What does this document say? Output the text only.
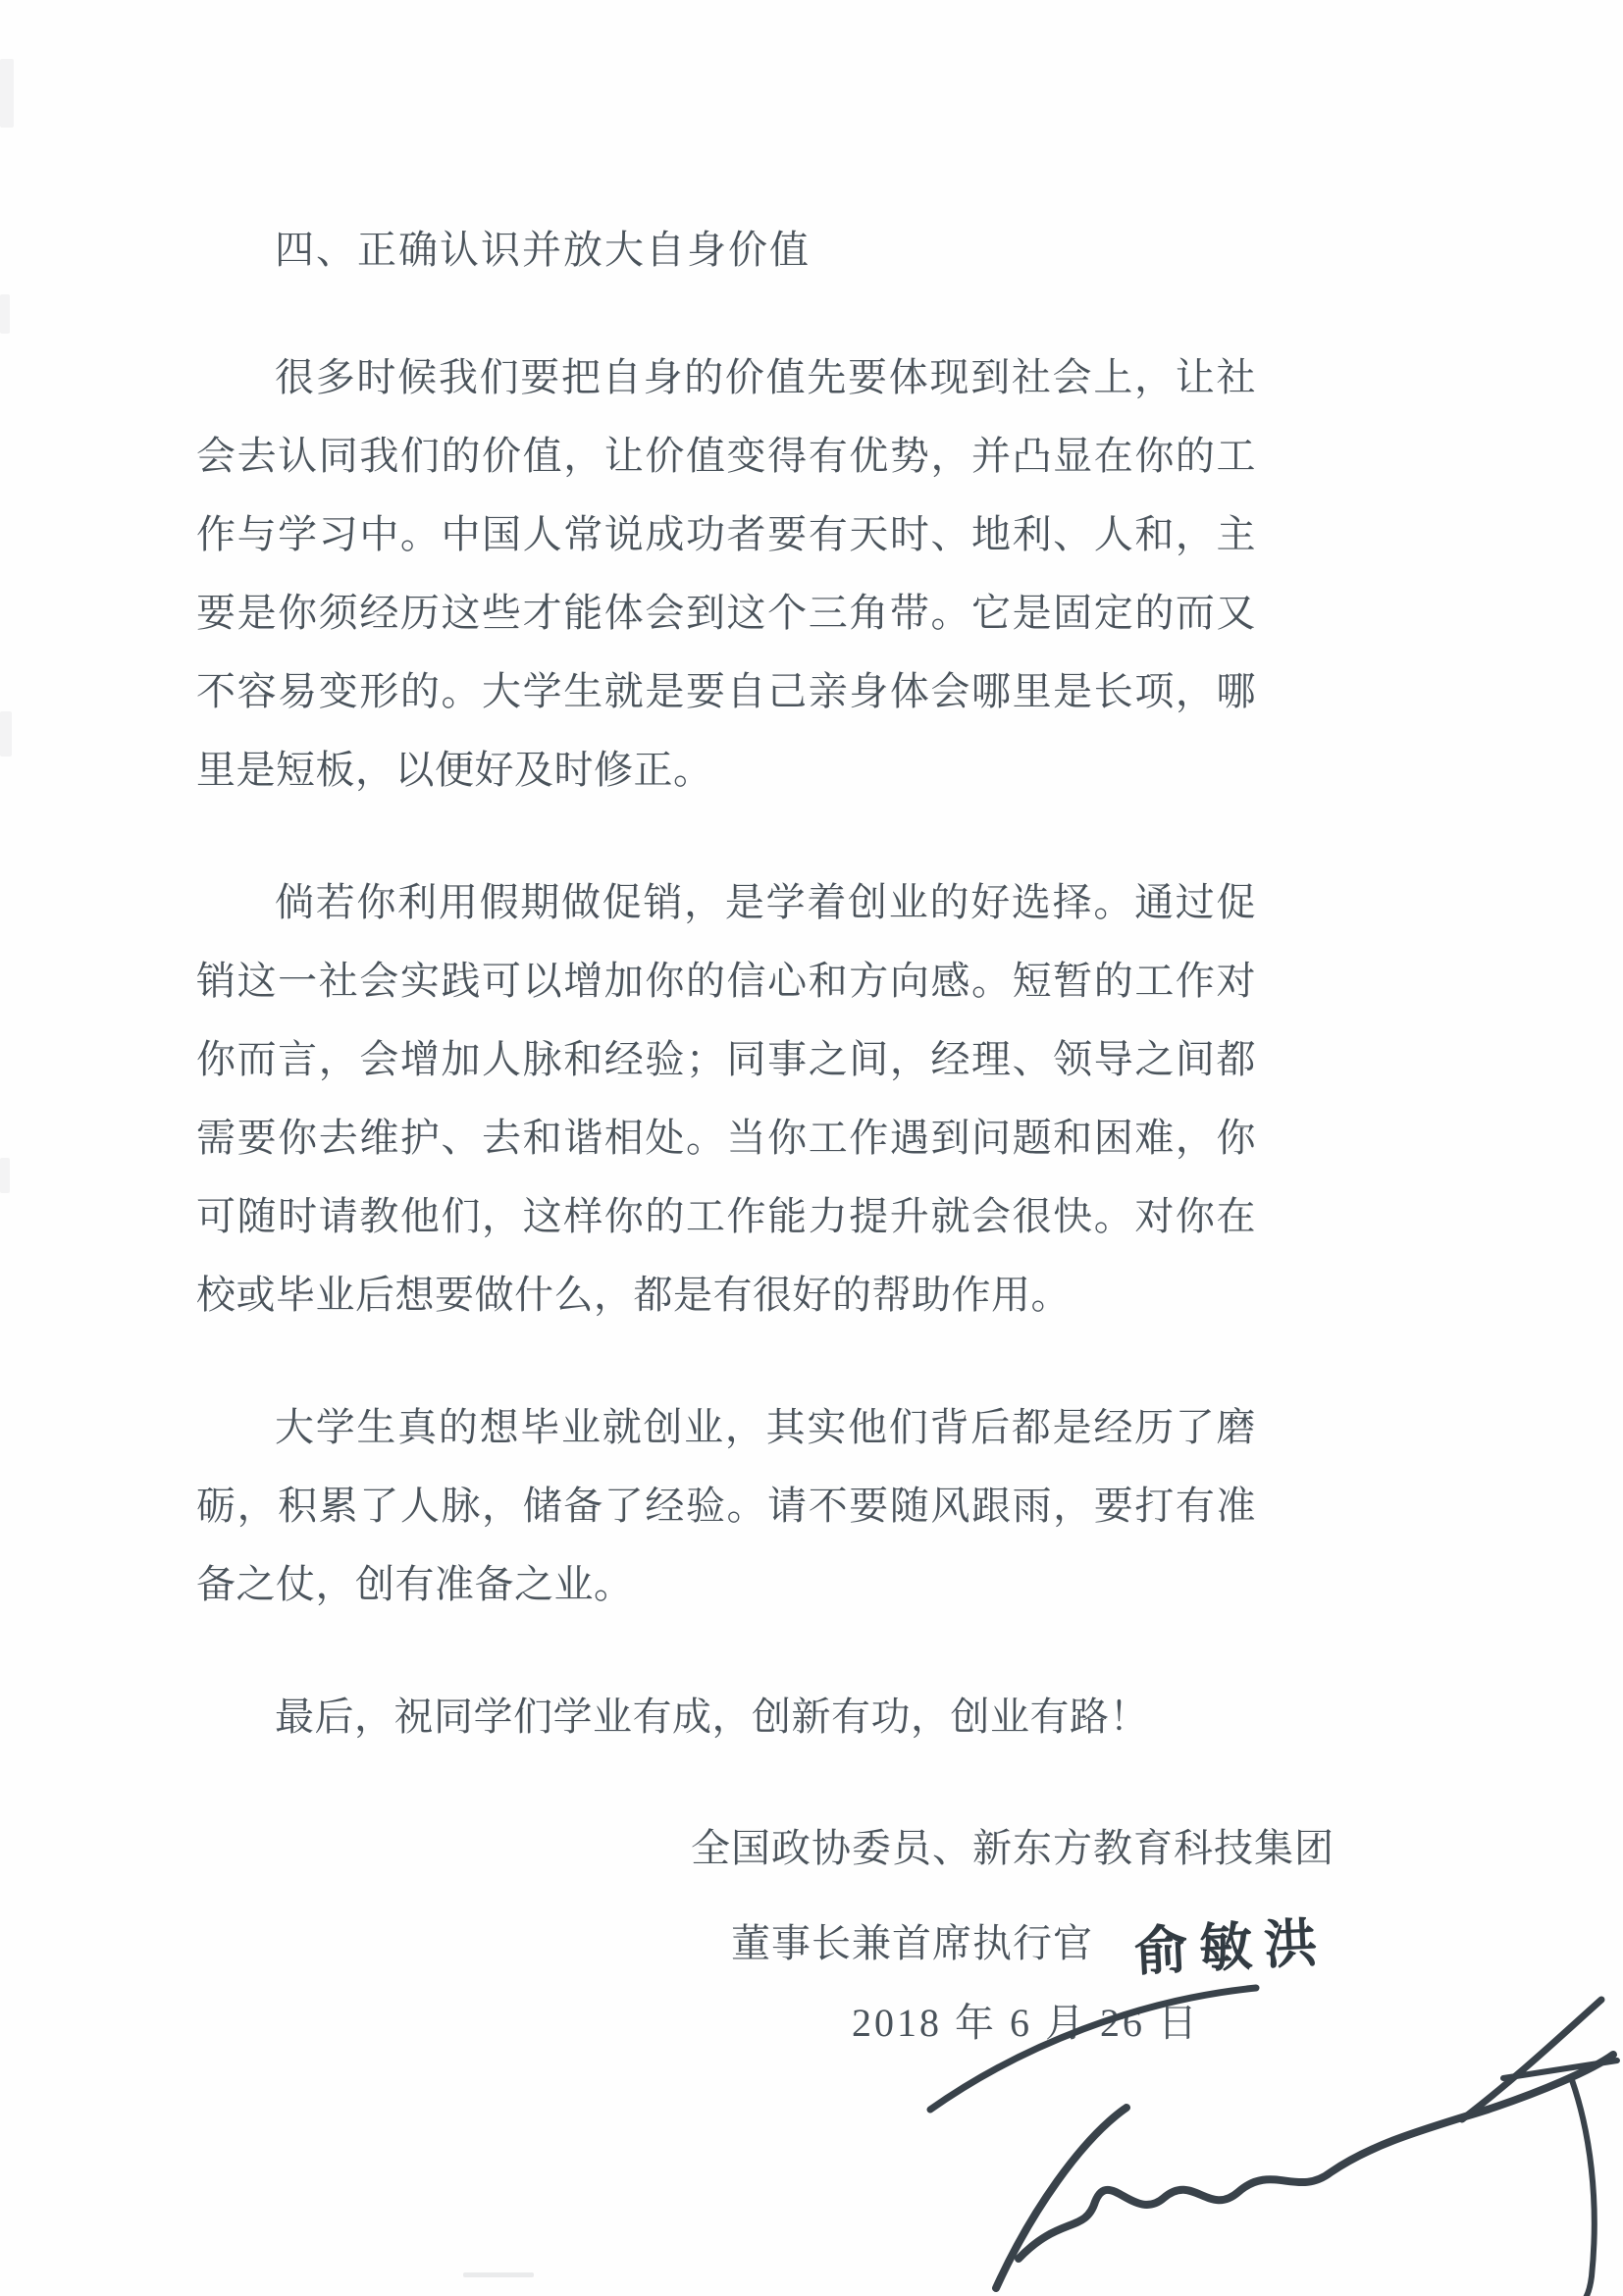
四、正确认识并放大自身价值

很多时候我们要把自身的价值先要体现到社会上，让社会去认同我们的价值，让价值变得有优势，并凸显在你的工作与学习中。中国人常说成功者要有天时、地利、人和，主要是你须经历这些才能体会到这个三角带。它是固定的而又不容易变形的。大学生就是要自己亲身体会哪里是长项，哪里是短板，以便好及时修正。

倘若你利用假期做促销，是学着创业的好选择。通过促销这一社会实践可以增加你的信心和方向感。短暂的工作对你而言，会增加人脉和经验；同事之间，经理、领导之间都需要你去维护、去和谐相处。当你工作遇到问题和困难，你可随时请教他们，这样你的工作能力提升就会很快。对你在校或毕业后想要做什么，都是有很好的帮助作用。

大学生真的想毕业就创业，其实他们背后都是经历了磨砺，积累了人脉，储备了经验。请不要随风跟雨，要打有准备之仗，创有准备之业。

最后，祝同学们学业有成，创新有功，创业有路！

全国政协委员、新东方教育科技集团
董事长兼首席执行官 俞敏洪
2018 年 6 月 26 日
